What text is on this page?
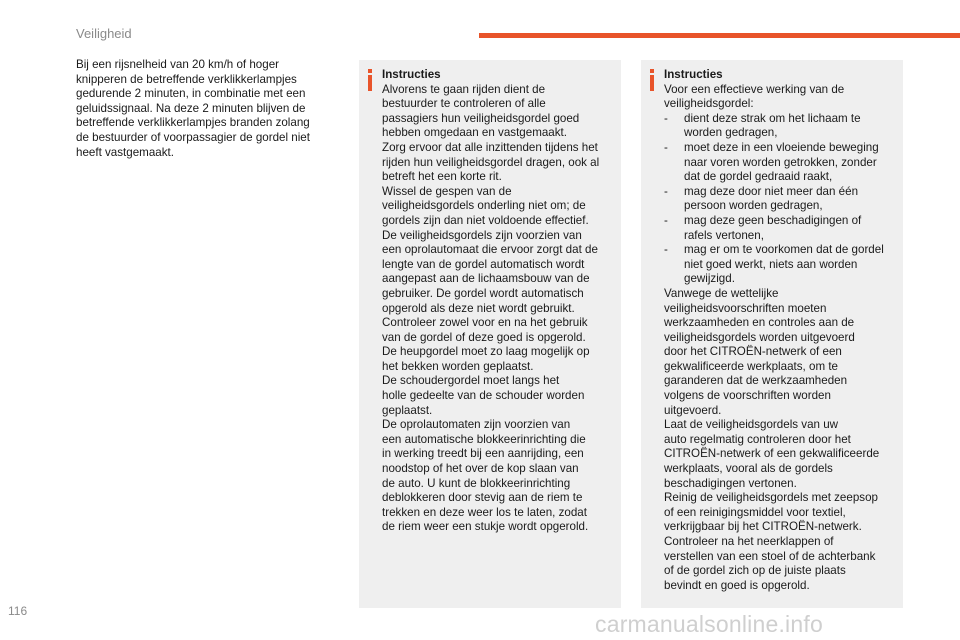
Veiligheid
Bij een rijsnelheid van 20 km/h of hoger
knipperen de betreffende verklikkerlampjes
gedurende 2 minuten, in combinatie met een
geluidssignaal. Na deze 2 minuten blijven de
betreffende verklikkerlampjes branden zolang
de bestuurder of voorpassagier de gordel niet
heeft vastgemaakt.
Instructies
Alvorens te gaan rijden dient de
bestuurder te controleren of alle
passagiers hun veiligheidsgordel goed
hebben omgedaan en vastgemaakt.
Zorg ervoor dat alle inzittenden tijdens het
rijden hun veiligheidsgordel dragen, ook al
betreft het een korte rit.
Wissel de gespen van de
veiligheidsgordels onderling niet om; de
gordels zijn dan niet voldoende effectief.
De veiligheidsgordels zijn voorzien van
een oprolautomaat die ervoor zorgt dat de
lengte van de gordel automatisch wordt
aangepast aan de lichaamsbouw van de
gebruiker. De gordel wordt automatisch
opgerold als deze niet wordt gebruikt.
Controleer zowel voor en na het gebruik
van de gordel of deze goed is opgerold.
De heupgordel moet zo laag mogelijk op
het bekken worden geplaatst.
De schoudergordel moet langs het
holle gedeelte van de schouder worden
geplaatst.
De oprolautomaten zijn voorzien van
een automatische blokkeerinrichting die
in werking treedt bij een aanrijding, een
noodstop of het over de kop slaan van
de auto. U kunt de blokkeerinrichting
deblokkeren door stevig aan de riem te
trekken en deze weer los te laten, zodat
de riem weer een stukje wordt opgerold.
Instructies
Voor een effectieve werking van de
veiligheidsgordel:
- dient deze strak om het lichaam te
worden gedragen,
- moet deze in een vloeiende beweging
naar voren worden getrokken, zonder
dat de gordel gedraaid raakt,
- mag deze door niet meer dan één
persoon worden gedragen,
- mag deze geen beschadigingen of
rafels vertonen,
- mag er om te voorkomen dat de gordel
niet goed werkt, niets aan worden
gewijzigd.
Vanwege de wettelijke
veiligheidsvoorschriften moeten
werkzaamheden en controles aan de
veiligheidsgordels worden uitgevoerd
door het CITROËN-netwerk of een
gekwalificeerde werkplaats, om te
garanderen dat de werkzaamheden
volgens de voorschriften worden
uitgevoerd.
Laat de veiligheidsgordels van uw
auto regelmatig controleren door het
CITROËN-netwerk of een gekwalificeerde
werkplaats, vooral als de gordels
beschadigingen vertonen.
Reinig de veiligheidsgordels met zeepsop
of een reinigingsmiddel voor textiel,
verkrijgbaar bij het CITROËN-netwerk.
Controleer na het neerklappen of
verstellen van een stoel of de achterbank
of de gordel zich op de juiste plaats
bevindt en goed is opgerold.
116	carmanualsonline.info
